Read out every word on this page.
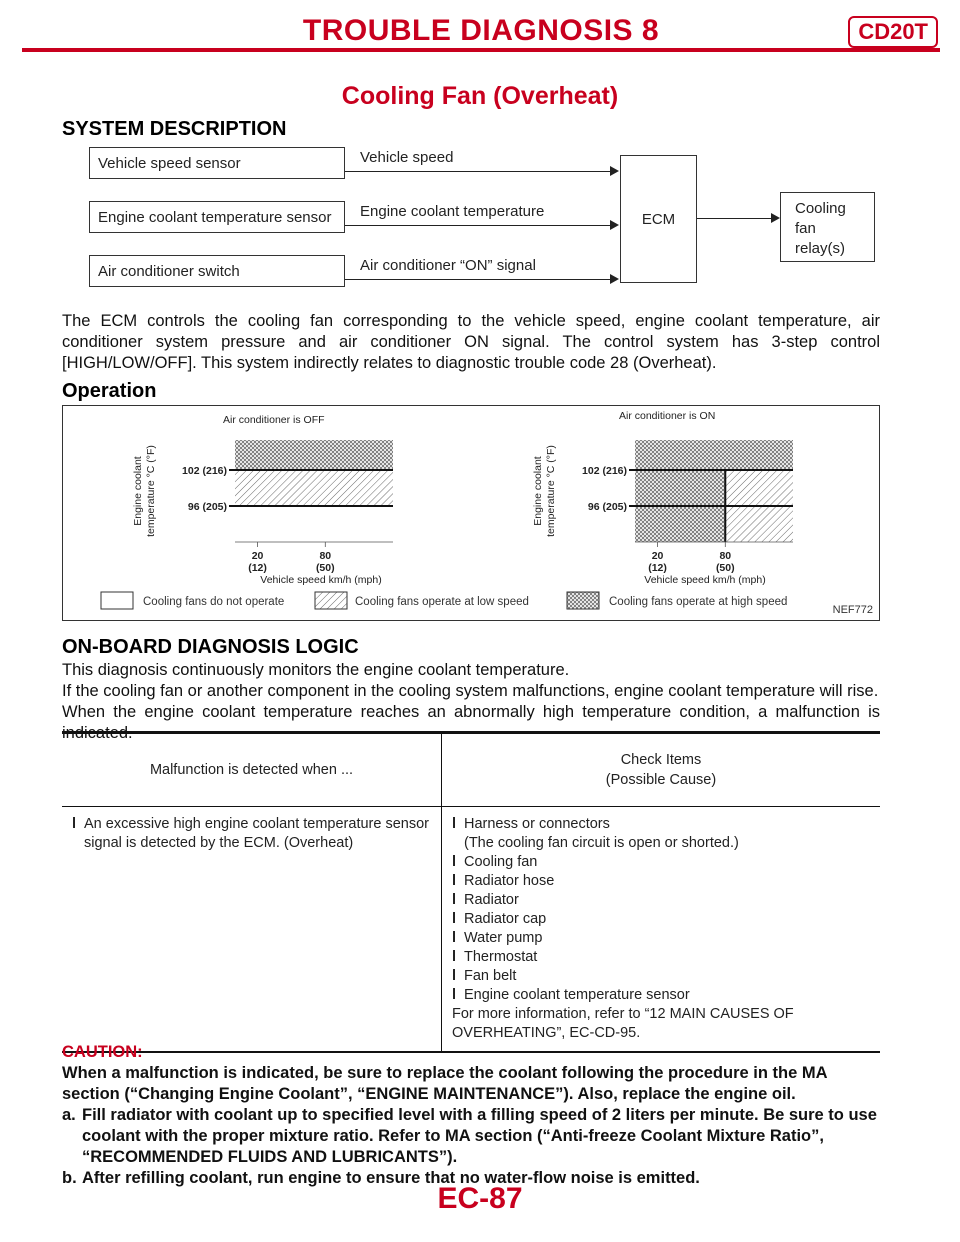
TROUBLE DIAGNOSIS 8	CD20T
Cooling Fan (Overheat)
SYSTEM DESCRIPTION
Vehicle speed sensor
Engine coolant temperature sensor
Air conditioner switch
Vehicle speed
Engine coolant temperature
Air conditioner “ON” signal
ECM
Cooling
fan
relay(s)
The ECM controls the cooling fan corresponding to the vehicle speed, engine coolant temperature, air conditioner system pressure and air conditioner ON signal. The control system has 3-step control [HIGH/LOW/OFF]. This system indirectly relates to diagnostic trouble code 28 (Overheat).
Operation
96 (205)
102 (216)
20
(12)
80
(50)
Vehicle speed km/h (mph)
Air conditioner is OFF
Engine coolant temperature °C (°F)	96 (205)
102 (216)
20
(12)
80
(50)
Vehicle speed km/h (mph)
Air conditioner is ON
Engine coolant temperature °C (°F)
Cooling fans do not operate	Cooling fans operate at low speed	Cooling fans operate at high speed
NEF772
ON-BOARD DIAGNOSIS LOGIC
This diagnosis continuously monitors the engine coolant temperature.
If the cooling fan or another component in the cooling system malfunctions, engine coolant temperature will rise.
When the engine coolant temperature reaches an abnormally high temperature condition, a malfunction is indicated.
Malfunction is detected when ...
Check Items
(Possible Cause)
l An excessive high engine coolant temperature sensor signal is detected by the ECM. (Overheat)
l Harness or connectors
(The cooling fan circuit is open or shorted.)
l Cooling fan
l Radiator hose
l Radiator
l Radiator cap
l Water pump
l Thermostat
l Fan belt
l Engine coolant temperature sensor
For more information, refer to “12 MAIN CAUSES OF OVERHEATING”, EC-CD-95.
CAUTION:
When a malfunction is indicated, be sure to replace the coolant following the procedure in the MA section (“Changing Engine Coolant”, “ENGINE MAINTENANCE”). Also, replace the engine oil.
a. Fill radiator with coolant up to specified level with a filling speed of 2 liters per minute. Be sure to use coolant with the proper mixture ratio. Refer to MA section (“Anti-freeze Coolant Mixture Ratio”, “RECOMMENDED FLUIDS AND LUBRICANTS”).
b. After refilling coolant, run engine to ensure that no water-flow noise is emitted.
EC-87
